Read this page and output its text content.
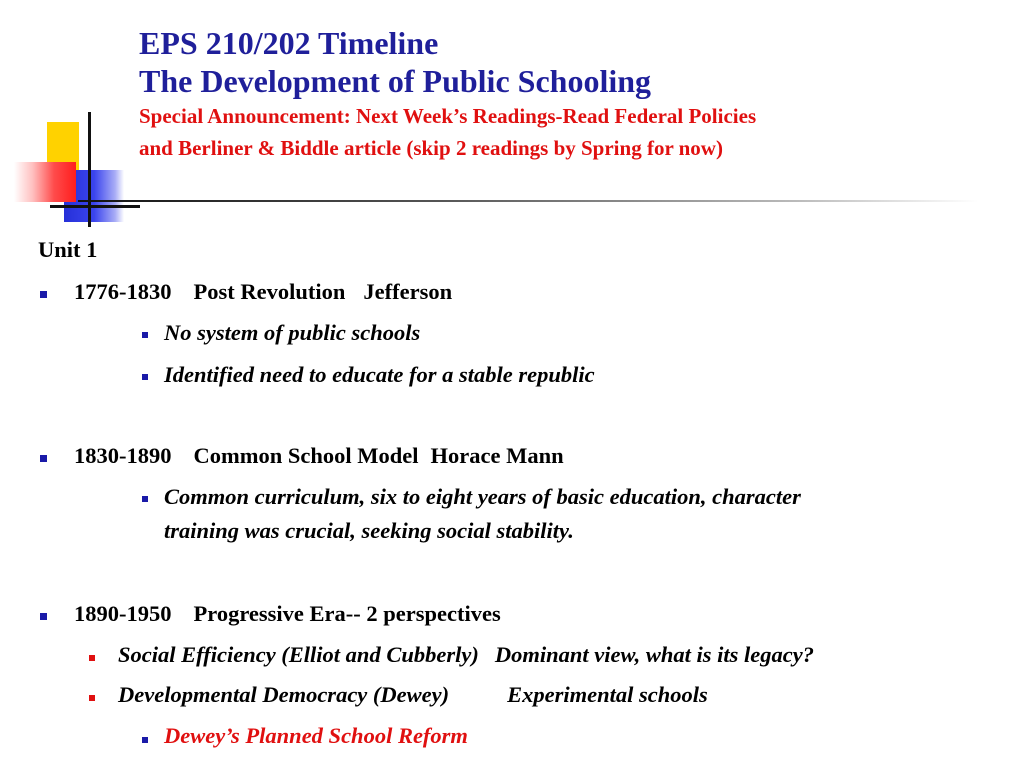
EPS 210/202 Timeline
The Development of Public Schooling
Special Announcement: Next Week’s Readings-Read Federal Policies
and Berliner & Biddle article (skip 2 readings by Spring for now)
Unit 1
1776-1830 Post Revolution Jefferson
No system of public schools
Identified need to educate for a stable republic
1830-1890 Common School Model Horace Mann
Common curriculum, six to eight years of basic education, character
training was crucial, seeking social stability.
1890-1950 Progressive Era-- 2 perspectives
Social Efficiency (Elliot and Cubberly) Dominant view, what is its legacy?
Developmental Democracy (Dewey)	Experimental schools
Dewey’s Planned School Reform
